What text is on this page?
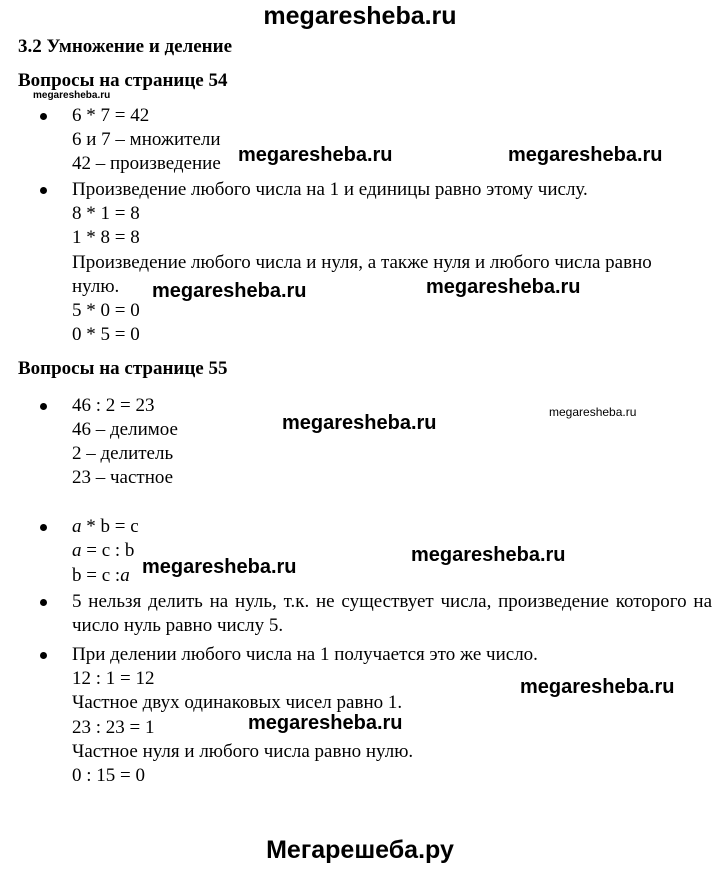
megaresheba.ru
Мегарешеба.ру
3.2 Умножение и деление
Вопросы на странице 54
megaresheba.ru
6 * 7 = 42
6 и 7 – множители
42 – произведение megaresheba.ru	megaresheba.ru
Произведение любого числа на 1 и единицы равно этому числу.
8 * 1 = 8
1 * 8 = 8
Произведение любого числа и нуля, а также нуля и любого числа равно
нулю. megaresheba.ru	megaresheba.ru
5 * 0 = 0
0 * 5 = 0
Вопросы на странице 55
46 : 2 = 23
46 – делимое	megaresheba.ru	megaresheba.ru
2 – делитель
23 – частное
a * b = c
a = c : b
b = c :a megaresheba.ru
megaresheba.ru
5 нельзя делить на нуль, т.к. не существует числа, произведение которого на число нуль равно числу 5.
При делении любого числа на 1 получается это же число.
12 : 1 = 12
Частное двух одинаковых чисел равно 1.
megaresheba.ru
23 : 23 = 1	megaresheba.ru
Частное нуля и любого числа равно нулю.
0 : 15 = 0
